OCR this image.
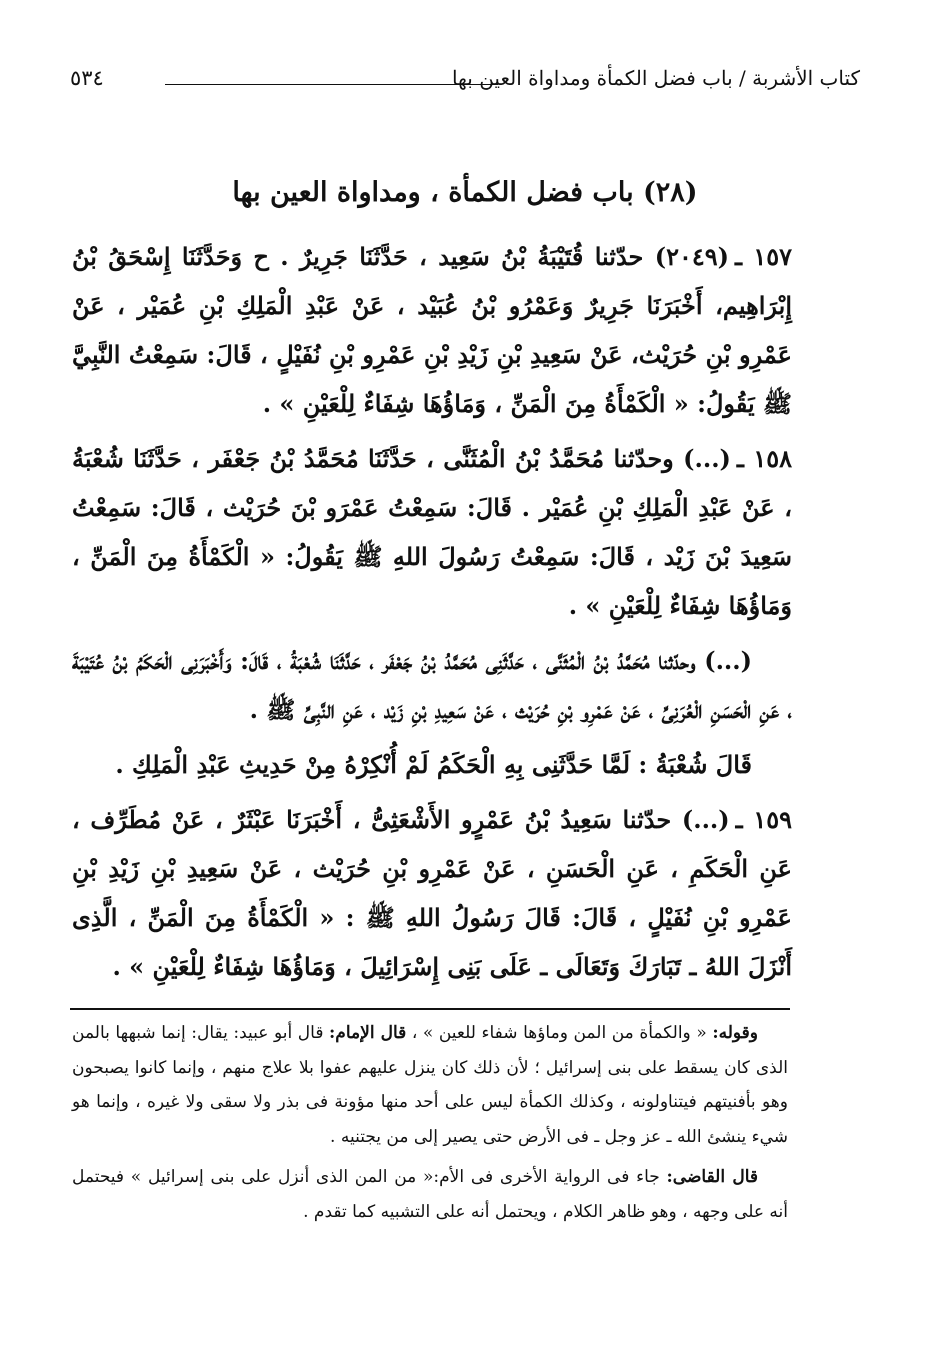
كتاب الأشربة / باب فضل الكمأة ومداواة العين بها
٥٣٤
(٢٨) باب فضل الكمأة ، ومداواة العين بها

١٥٧ ـ(٢٠٤٩) حدّثنا قُتَيْبَةُ بْنُ سَعِيد ، حَدَّثَنَا جَرِيرٌ . ح وَحَدَّثَنَا إِسْحَقُ بْنُ إِبْرَاهِيم، أَخْبَرَنَا جَرِيرٌ وَعَمْرُو بْنُ عُبَيْد ، عَنْ عَبْدِ الْمَلِكِ بْنِ عُمَيْر ، عَنْ عَمْرِو بْنِ حُرَيْث، عَنْ سَعِيدِ بْنِ زَيْدِ بْنِ عَمْرِو بْنِ نُفَيْلٍ ، قَالَ: سَمِعْتُ النَّبِيَّ ﷺ يَقُولُ: « الْكَمْأَةُ مِنَ الْمَنِّ ، وَمَاؤُهَا شِفَاءٌ لِلْعَيْنِ » .

١٥٨ ـ(...) وحدّثنا مُحَمَّدُ بْنُ الْمُثَنَّى ، حَدَّثَنَا مُحَمَّدُ بْنُ جَعْفَر ، حَدَّثَنَا شُعْبَةُ ، عَنْ عَبْدِ الْمَلِكِ بْنِ عُمَيْر . قَالَ: سَمِعْتُ عَمْرَو بْنَ حُرَيْث ، قَالَ: سَمِعْتُ سَعِيدَ بْنَ زَيْد ، قَالَ: سَمِعْتُ رَسُولَ اللهِ ﷺ يَقُولُ: « الْكَمْأَةُ مِنَ الْمَنِّ ، وَمَاؤُهَا شِفَاءٌ لِلْعَيْنِ » .

(...) وحدّثنا مُحَمَّدُ بْنُ الْمُثَنَّى ، حَدَّثَنِى مُحَمَّدُ بْنُ جَعْفَر ، حَدَّثَنَا شُعْبَةُ ، قَالَ: وَأَخْبَرَنِى الْحَكَمُ بْنُ عُتَيْبَةَ ، عَنِ الْحَسَنِ الْعُرَنِىِّ ، عَنْ عَمْرِو بْنِ حُرَيْث ، عَنْ سَعِيدِ بْنِ زَيْد ، عَنِ النَّبِىِّ ﷺ .

قَالَ شُعْبَةُ : لَمَّا حَدَّثَنِى بِهِ الْحَكَمُ لَمْ أُنْكِرْهُ مِنْ حَدِيثِ عَبْدِ الْمَلِكِ .

١٥٩ ـ(...) حدّثنا سَعِيدُ بْنُ عَمْرٍو الأَشْعَثِىُّ ، أَخْبَرَنَا عَبْثَرٌ ، عَنْ مُطَرِّف ، عَنِ الْحَكَمِ ، عَنِ الْحَسَنِ ، عَنْ عَمْرِو بْنِ حُرَيْث ، عَنْ سَعِيدِ بْنِ زَيْدِ بْنِ عَمْرِو بْنِ نُفَيْلٍ ، قَالَ: قَالَ رَسُولُ اللهِ ﷺ : « الْكَمْأَةُ مِنَ الْمَنِّ ، الَّذِى أَنْزَلَ اللهُ ـ تَبَارَكَ وَتَعَالَى ـ عَلَى بَنِى إِسْرَائِيلَ ، وَمَاؤُهَا شِفَاءٌ لِلْعَيْنِ » .

وقوله: « والكمأة من المن وماؤها شفاء للعين » ، قال الإمام: قال أبو عبيد: يقال: إنما شبهها بالمن الذى كان يسقط على بنى إسرائيل ؛ لأن ذلك كان ينزل عليهم عفوا بلا علاج منهم ، وإنما كانوا يصبحون وهو بأفنيتهم فيتناولونه ، وكذلك الكمأة ليس على أحد منها مؤونة فى بذر ولا سقى ولا غيره ، وإنما هو شيء ينشئ الله ـ عز وجل ـ فى الأرض حتى يصير إلى من يجتنيه .

قال القاضى: جاء فى الرواية الأخرى فى الأم:« من المن الذى أنزل على بنى إسرائيل » فيحتمل أنه على وجهه ، وهو ظاهر الكلام ، ويحتمل أنه على التشبيه كما تقدم .
